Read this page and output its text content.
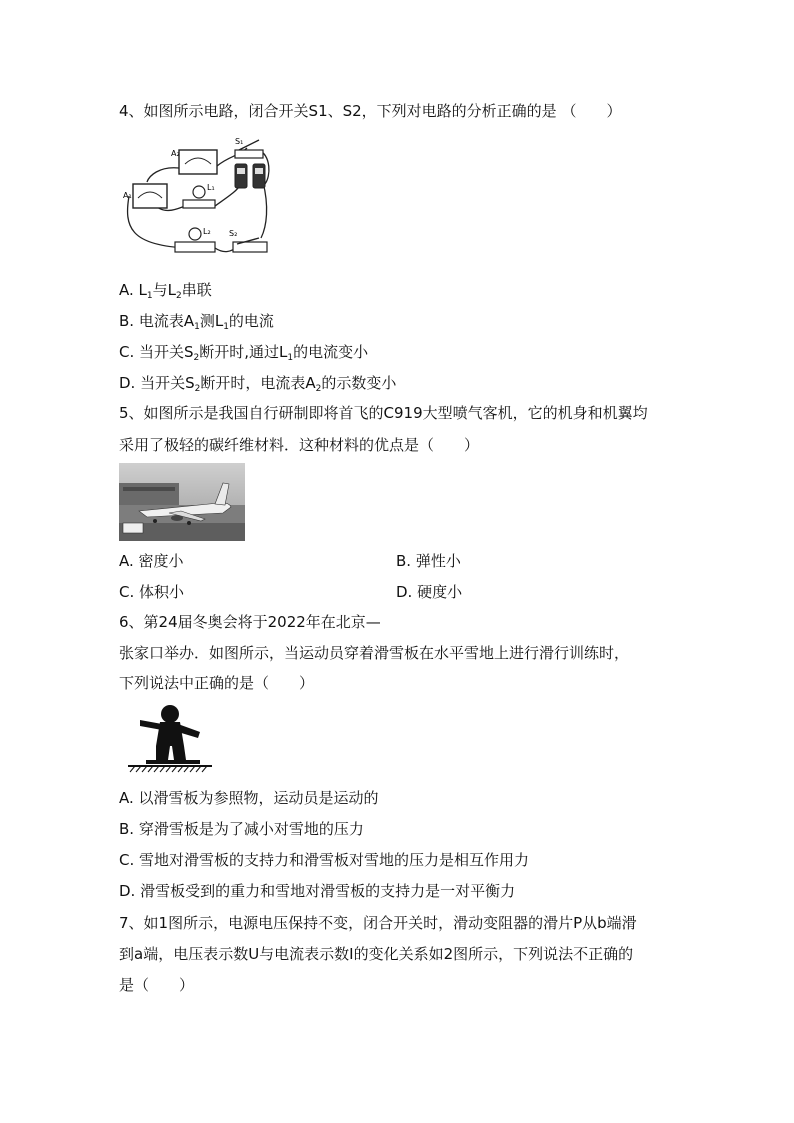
4、如图所示电路，闭合开关S1、S2，下列对电路的分析正确的是 （　　）
A₂
A₁
S₁
L₁
L₂ S₂
A. $L_1$与$L_2$串联
B. 电流表$A_1$测$L_1$的电流
C. 当开关$S_2$断开时,通过$L_1$的电流变小
D. 当开关$S_2$断开时，电流表$A_2$的示数变小
5、如图所示是我国自行研制即将首飞的C919大型喷气客机，它的机身和机翼均
采用了极轻的碳纤维材料．这种材料的优点是（　　）
A. 密度小	B. 弹性小
C. 体积小	D. 硬度小
6、第24届冬奥会将于2022年在北京—
张家口举办．如图所示，当运动员穿着滑雪板在水平雪地上进行滑行训练时，
下列说法中正确的是（　　）
A. 以滑雪板为参照物，运动员是运动的
B. 穿滑雪板是为了减小对雪地的压力
C. 雪地对滑雪板的支持力和滑雪板对雪地的压力是相互作用力
D. 滑雪板受到的重力和雪地对滑雪板的支持力是一对平衡力
7、如1图所示，电源电压保持不变，闭合开关时，滑动变阻器的滑片P从b端滑
到a端，电压表示数U与电流表示数I的变化关系如2图所示，下列说法不正确的
是（　　）
